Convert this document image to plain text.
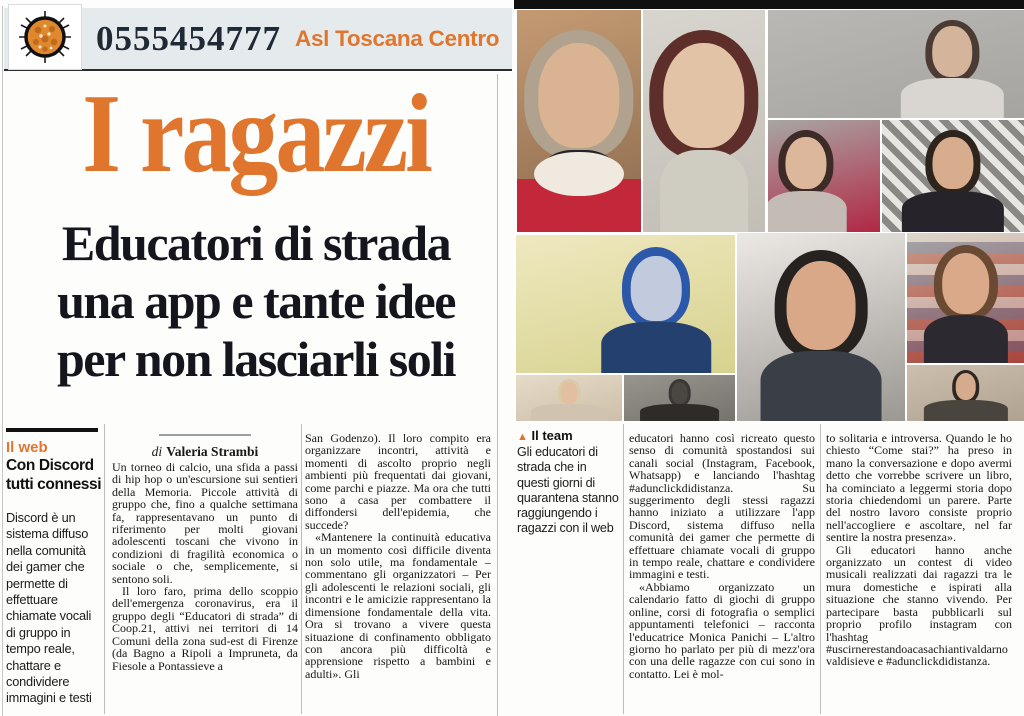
0555454777 Asl Toscana Centro
I ragazzi
Educatori di strada
una app e tante idee
per non lasciarli soli
Il web
Con Discord tutti connessi
Discord è un sistema diffuso nella comunità dei gamer che permette di effettuare chiamate vocali di gruppo in tempo reale, chattare e condividere immagini e testi
▲ Il team
Gli educatori di strada che in questi giorni di quarantena stanno raggiungendo i ragazzi con il web
di Valeria Strambi
Un torneo di calcio, una sfida a passi di hip hop o un'escursione sui sentieri della Memoria. Piccole attività di gruppo che, fino a qualche settimana fa, rappresentavano un punto di riferimento per molti giovani adolescenti toscani che vivono in condizioni di fragilità economica o sociale o che, semplicemente, si sentono soli.
Il loro faro, prima dello scoppio dell'emergenza coronavirus, era il gruppo degli “Educatori di strada” di Coop.21, attivi nei territori di 14 Comuni della zona sud-est di Firenze (da Bagno a Ripoli a Impruneta, da Fiesole a Pontassieve a
San Godenzo). Il loro compito era organizzare incontri, attività e momenti di ascolto proprio negli ambienti più frequentati dai giovani, come parchi e piazze. Ma ora che tutti sono a casa per combattere il diffondersi dell'epidemia, che succede?
«Mantenere la continuità educativa in un momento così difficile diventa non solo utile, ma fondamentale – commentano gli organizzatori – Per gli adolescenti le relazioni sociali, gli incontri e le amicizie rappresentano la dimensione fondamentale della vita. Ora si trovano a vivere questa situazione di confinamento obbligato con ancora più difficoltà e apprensione rispetto a bambini e adulti». Gli
educatori hanno così ricreato questo senso di comunità spostandosi sui canali social (Instagram, Facebook, Whatsapp) e lanciando l'hashtag #adunclickdidistanza. Su suggerimento degli stessi ragazzi hanno iniziato a utilizzare l'app Discord, sistema diffuso nella comunità dei gamer che permette di effettuare chiamate vocali di gruppo in tempo reale, chattare e condividere immagini e testi.
«Abbiamo organizzato un calendario fatto di giochi di gruppo online, corsi di fotografia o semplici appuntamenti telefonici – racconta l'educatrice Monica Panichi – L'altro giorno ho parlato per più di mezz'ora con una delle ragazze con cui sono in contatto. Lei è mol-
to solitaria e introversa. Quando le ho chiesto “Come stai?” ha preso in mano la conversazione e dopo avermi detto che vorrebbe scrivere un libro, ha cominciato a leggermi storia dopo storia chiedendomi un parere. Parte del nostro lavoro consiste proprio nell'accogliere e ascoltare, nel far sentire la nostra presenza».
Gli educatori hanno anche organizzato un contest di video musicali realizzati dai ragazzi tra le mura domestiche e ispirati alla situazione che stanno vivendo. Per partecipare basta pubblicarli sul proprio profilo instagram con l'hashtag #uscirnerestandoacasachiantivaldarnovaldisieve e #adunclickdidistanza.
